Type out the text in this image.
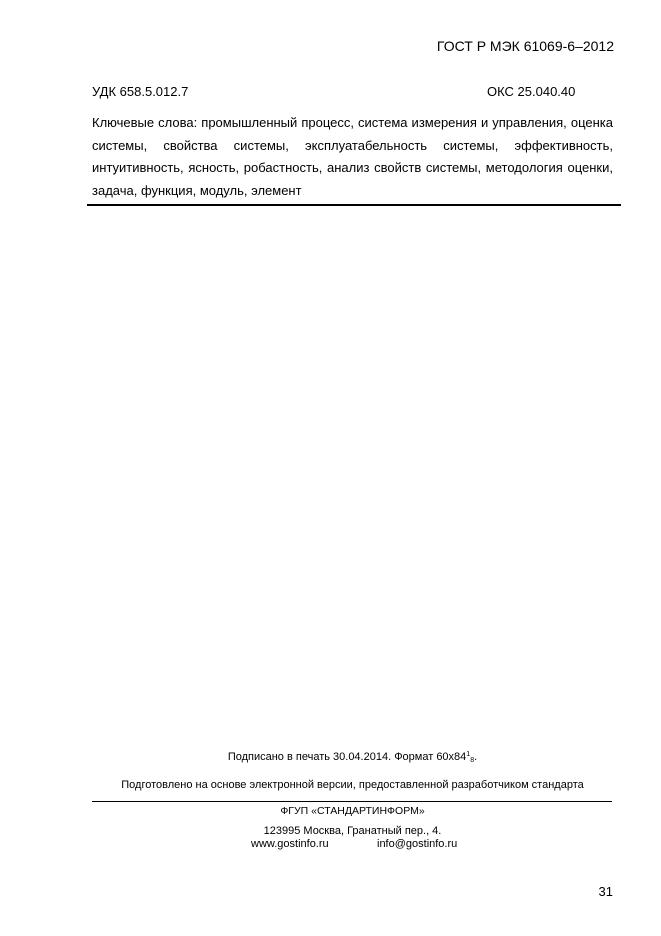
ГОСТ Р МЭК 61069-6–2012
УДК 658.5.012.7	ОКС 25.040.40
Ключевые слова: промышленный процесс, система измерения и управления, оценка системы, свойства системы, эксплуатабельность системы, эффективность, интуитивность, ясность, робастность, анализ свойств системы, методология оценки, задача, функция, модуль, элемент
Подписано в печать 30.04.2014. Формат $60х84^1_8$.
Подготовлено на основе электронной версии, предоставленной разработчиком стандарта
ФГУП «СТАНДАРТИНФОРМ»
123995 Москва, Гранатный пер., 4.
www.gostinfo.ru	info@gostinfo.ru
31
